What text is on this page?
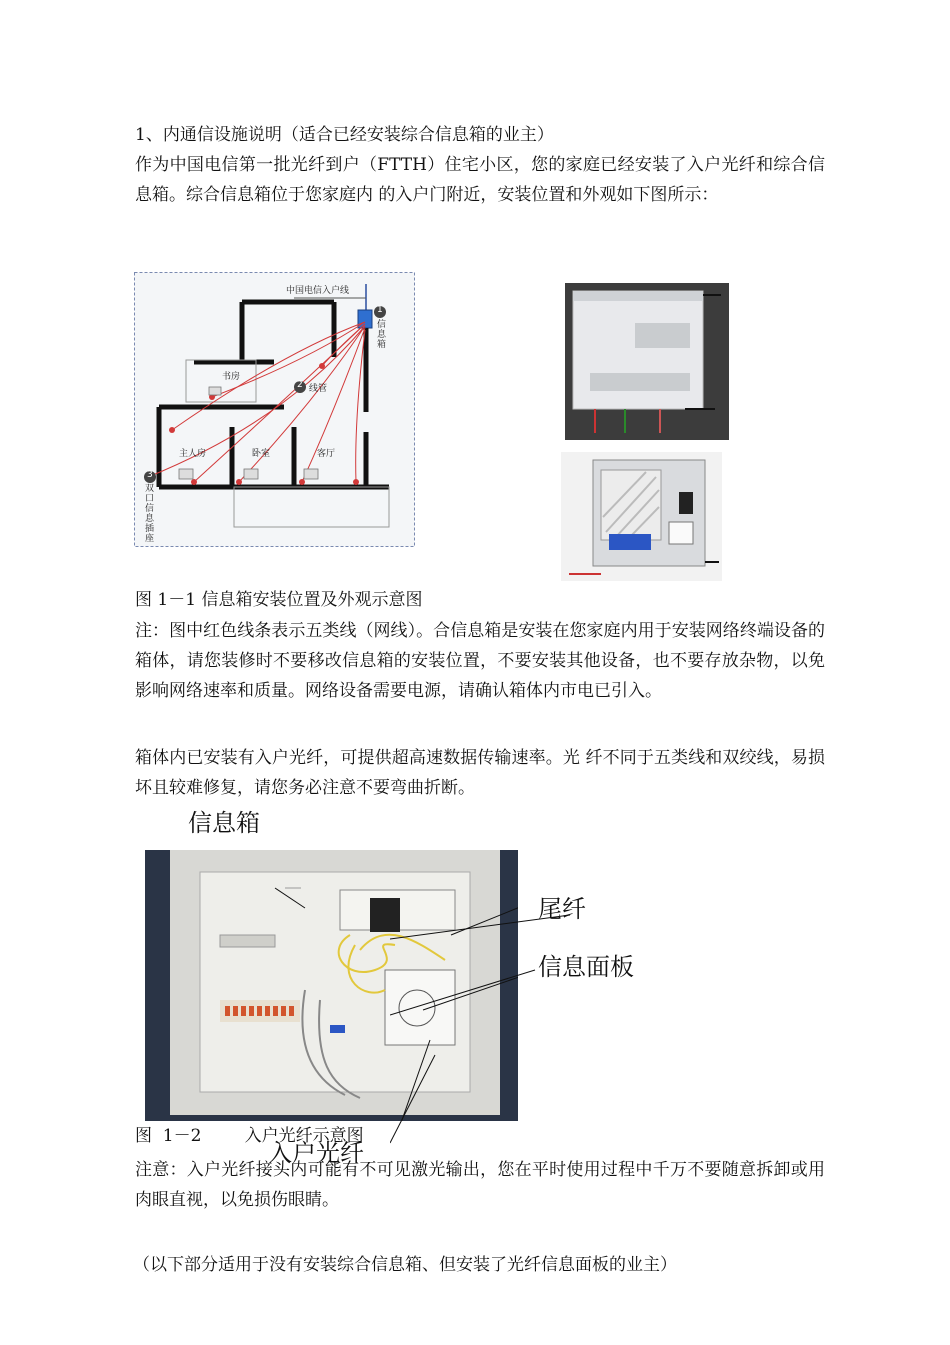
1、内通信设施说明（适合已经安装综合信息箱的业主）

作为中国电信第一批光纤到户（FTTH）住宅小区，您的家庭已经安装了入户光纤和综合信息箱。综合信息箱位于您家庭内 的入户门附近，安装位置和外观如下图所示：

中国电信入户线
1
信息箱
2 线管
3
双口信息插座
书房
主人房	卧室	客厅
图 1－1 信息箱安装位置及外观示意图

注：图中红色线条表示五类线（网线）。合信息箱是安装在您家庭内用于安装网络终端设备的箱体，请您装修时不要移改信息箱的安装位置，不要安装其他设备，也不要存放杂物，以免影响网络速率和质量。网络设备需要电源，请确认箱体内市电已引入。

箱体内已安装有入户光纤，可提供超高速数据传输速率。光 纤不同于五类线和双绞线，易损坏且较难修复，请您务必注意不要弯曲折断。

信息箱
尾纤
信息面板
入户光纤
图  1－2        入户光纤示意图

注意：入户光纤接头内可能有不可见激光输出，您在平时使用过程中千万不要随意拆卸或用肉眼直视，以免损伤眼睛。

（以下部分适用于没有安装综合信息箱、但安装了光纤信息面板的业主）
